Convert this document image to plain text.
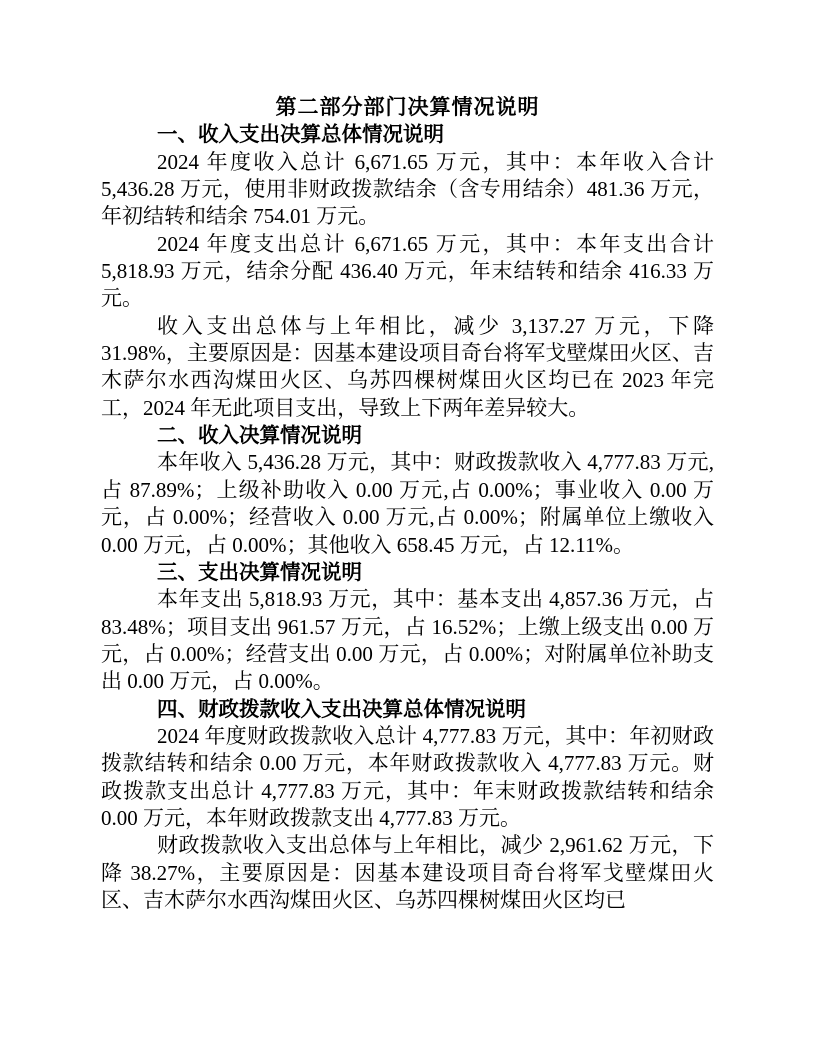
第二部分部门决算情况说明
一、收入支出决算总体情况说明

2024 年度收入总计 6,671.65 万元，其中：本年收入合计 5,436.28 万元，使用非财政拨款结余（含专用结余）481.36 万元，年初结转和结余 754.01 万元。

2024 年度支出总计 6,671.65 万元，其中：本年支出合计 5,818.93 万元，结余分配 436.40 万元，年末结转和结余 416.33 万元。

收入支出总体与上年相比，减少 3,137.27 万元，下降 31.98%，主要原因是：因基本建设项目奇台将军戈壁煤田火区、吉木萨尔水西沟煤田火区、乌苏四棵树煤田火区均已在 2023 年完工，2024 年无此项目支出，导致上下两年差异较大。

二、收入决算情况说明

本年收入 5,436.28 万元，其中：财政拨款收入 4,777.83 万元,占 87.89%；上级补助收入 0.00 万元,占 0.00%；事业收入 0.00 万元，占 0.00%；经营收入 0.00 万元,占 0.00%；附属单位上缴收入 0.00 万元，占 0.00%；其他收入 658.45 万元，占 12.11%。

三、支出决算情况说明

本年支出 5,818.93 万元，其中：基本支出 4,857.36 万元，占 83.48%；项目支出 961.57 万元，占 16.52%；上缴上级支出 0.00 万元，占 0.00%；经营支出 0.00 万元，占 0.00%；对附属单位补助支出 0.00 万元，占 0.00%。

四、财政拨款收入支出决算总体情况说明

2024 年度财政拨款收入总计 4,777.83 万元，其中：年初财政拨款结转和结余 0.00 万元，本年财政拨款收入 4,777.83 万元。财政拨款支出总计 4,777.83 万元，其中：年末财政拨款结转和结余 0.00 万元，本年财政拨款支出 4,777.83 万元。

财政拨款收入支出总体与上年相比，减少 2,961.62 万元，下降 38.27%，主要原因是：因基本建设项目奇台将军戈壁煤田火区、吉木萨尔水西沟煤田火区、乌苏四棵树煤田火区均已
